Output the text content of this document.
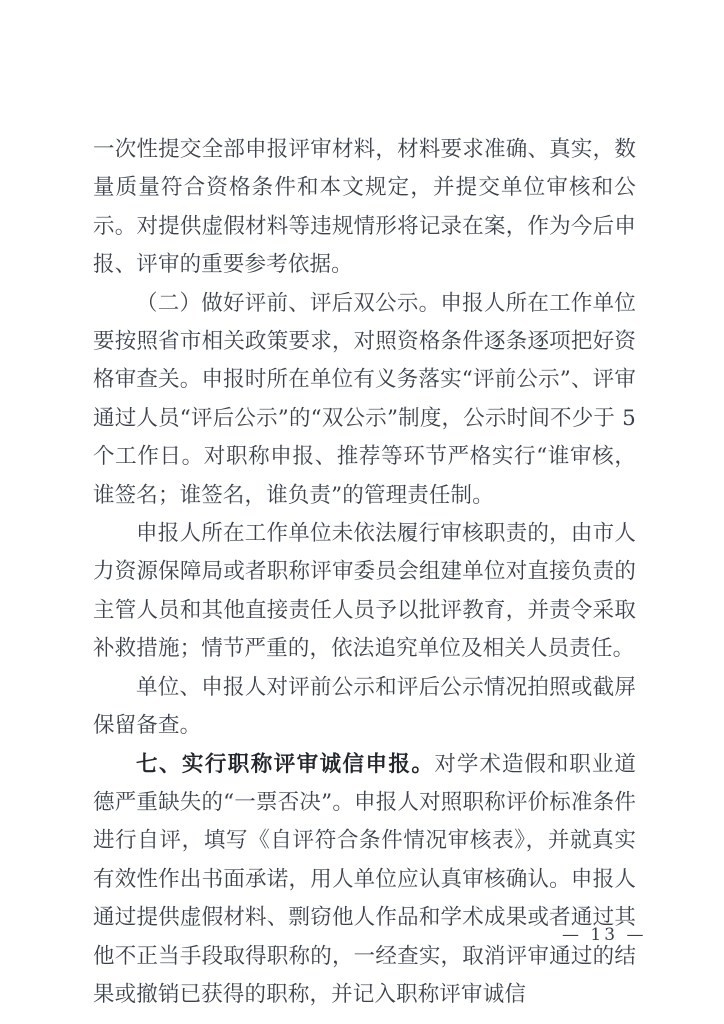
一次性提交全部申报评审材料，材料要求准确、真实，数量质量符合资格条件和本文规定，并提交单位审核和公示。对提供虚假材料等违规情形将记录在案，作为今后申报、评审的重要参考依据。

（二）做好评前、评后双公示。申报人所在工作单位要按照省市相关政策要求，对照资格条件逐条逐项把好资格审查关。申报时所在单位有义务落实“评前公示”、评审通过人员“评后公示”的“双公示”制度，公示时间不少于 5 个工作日。对职称申报、推荐等环节严格实行“谁审核，谁签名；谁签名，谁负责”的管理责任制。

申报人所在工作单位未依法履行审核职责的，由市人力资源保障局或者职称评审委员会组建单位对直接负责的主管人员和其他直接责任人员予以批评教育，并责令采取补救措施；情节严重的，依法追究单位及相关人员责任。

单位、申报人对评前公示和评后公示情况拍照或截屏保留备查。

七、实行职称评审诚信申报。对学术造假和职业道德严重缺失的“一票否决”。申报人对照职称评价标准条件进行自评，填写《自评符合条件情况审核表》，并就真实有效性作出书面承诺，用人单位应认真审核确认。申报人通过提供虚假材料、剽窃他人作品和学术成果或者通过其他不正当手段取得职称的，一经查实，取消评审通过的结果或撤销已获得的职称，并记入职称评审诚信

— 13 —
